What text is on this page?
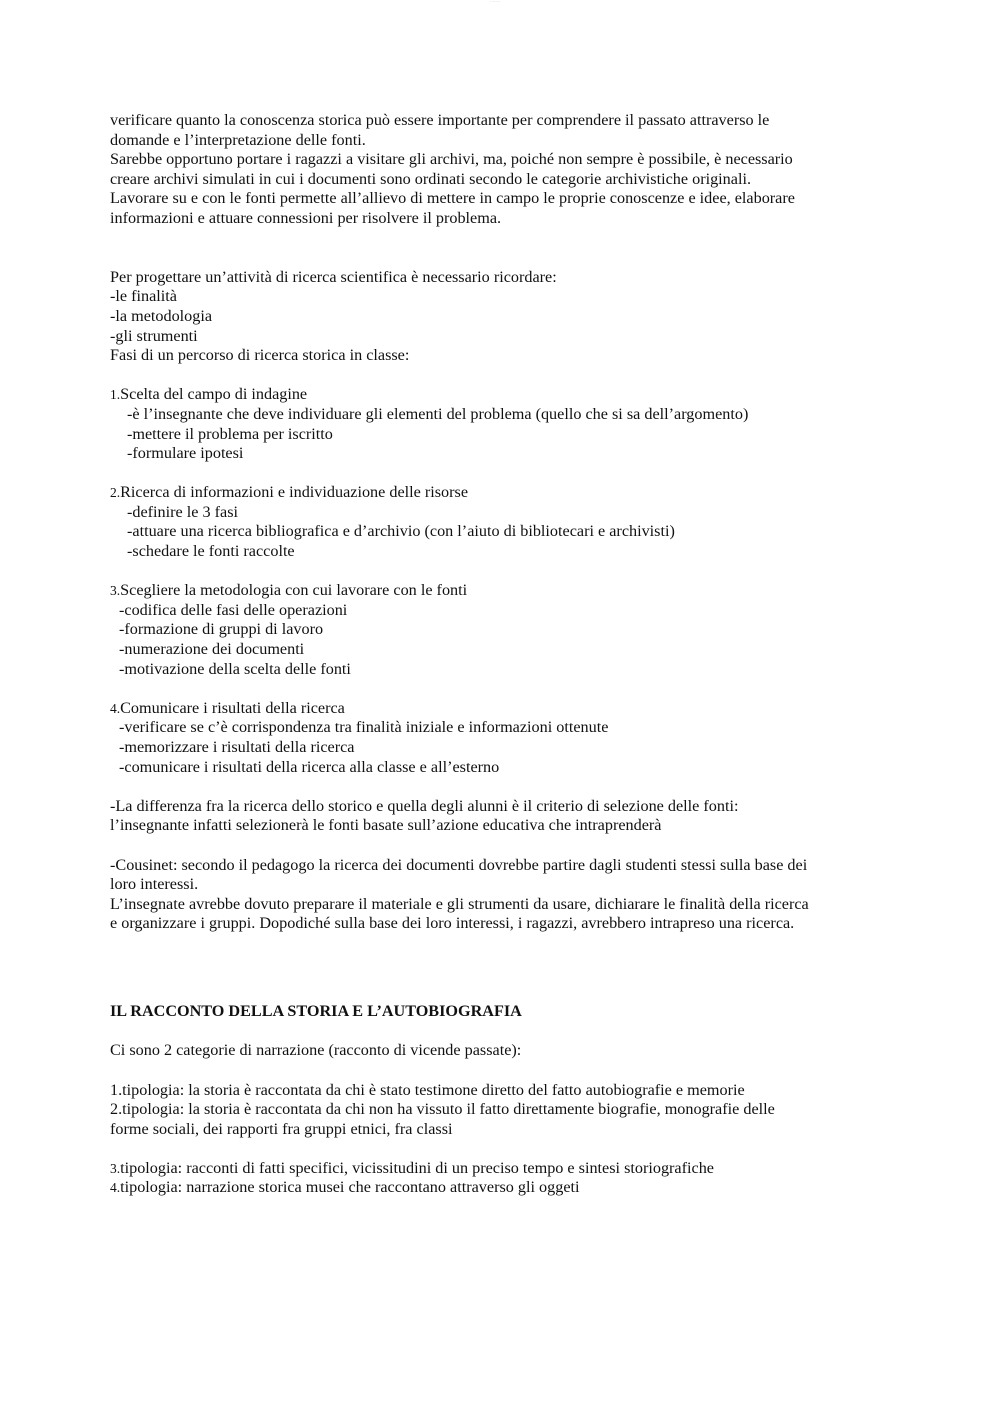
········
verificare quanto la conoscenza storica può essere importante per comprendere il passato attraverso le
domande e l’interpretazione delle fonti.
Sarebbe opportuno portare i ragazzi a visitare gli archivi, ma, poiché non sempre è possibile, è necessario
creare archivi simulati in cui i documenti sono ordinati secondo le categorie archivistiche originali.
Lavorare su e con le fonti permette all’allievo di mettere in campo le proprie conoscenze e idee, elaborare
informazioni e attuare connessioni per risolvere il problema.
Per progettare un’attività di ricerca scientifica è necessario ricordare:
-le finalità
-la metodologia
-gli strumenti
Fasi di un percorso di ricerca storica in classe:
1.Scelta del campo di indagine
-è l’insegnante che deve individuare gli elementi del problema (quello che si sa dell’argomento)
-mettere il problema per iscritto
-formulare ipotesi
2.Ricerca di informazioni e individuazione delle risorse
-definire le 3 fasi
-attuare una ricerca bibliografica e d’archivio (con l’aiuto di bibliotecari e archivisti)
-schedare le fonti raccolte
3.Scegliere la metodologia con cui lavorare con le fonti
-codifica delle fasi delle operazioni
-formazione di gruppi di lavoro
-numerazione dei documenti
-motivazione della scelta delle fonti
4.Comunicare i risultati della ricerca
-verificare se c’è corrispondenza tra finalità iniziale e informazioni ottenute
-memorizzare i risultati della ricerca
-comunicare i risultati della ricerca alla classe e all’esterno
-La differenza fra la ricerca dello storico e quella degli alunni è il criterio di selezione delle fonti:
l’insegnante infatti selezionerà le fonti basate sull’azione educativa che intraprenderà
-Cousinet: secondo il pedagogo la ricerca dei documenti dovrebbe partire dagli studenti stessi sulla base dei
loro interessi.
L’insegnate avrebbe dovuto preparare il materiale e gli strumenti da usare, dichiarare le finalità della ricerca
e organizzare i gruppi. Dopodiché sulla base dei loro interessi, i ragazzi, avrebbero intrapreso una ricerca.
IL RACCONTO DELLA STORIA E L’AUTOBIOGRAFIA
Ci sono 2 categorie di narrazione (racconto di vicende passate):
1.tipologia: la storia è raccontata da chi è stato testimone diretto del fatto autobiografie e memorie
2.tipologia: la storia è raccontata da chi non ha vissuto il fatto direttamente biografie, monografie delle
forme sociali, dei rapporti fra gruppi etnici, fra classi
3.tipologia: racconti di fatti specifici, vicissitudini di un preciso tempo e sintesi storiografiche
4.tipologia: narrazione storica musei che raccontano attraverso gli oggeti
